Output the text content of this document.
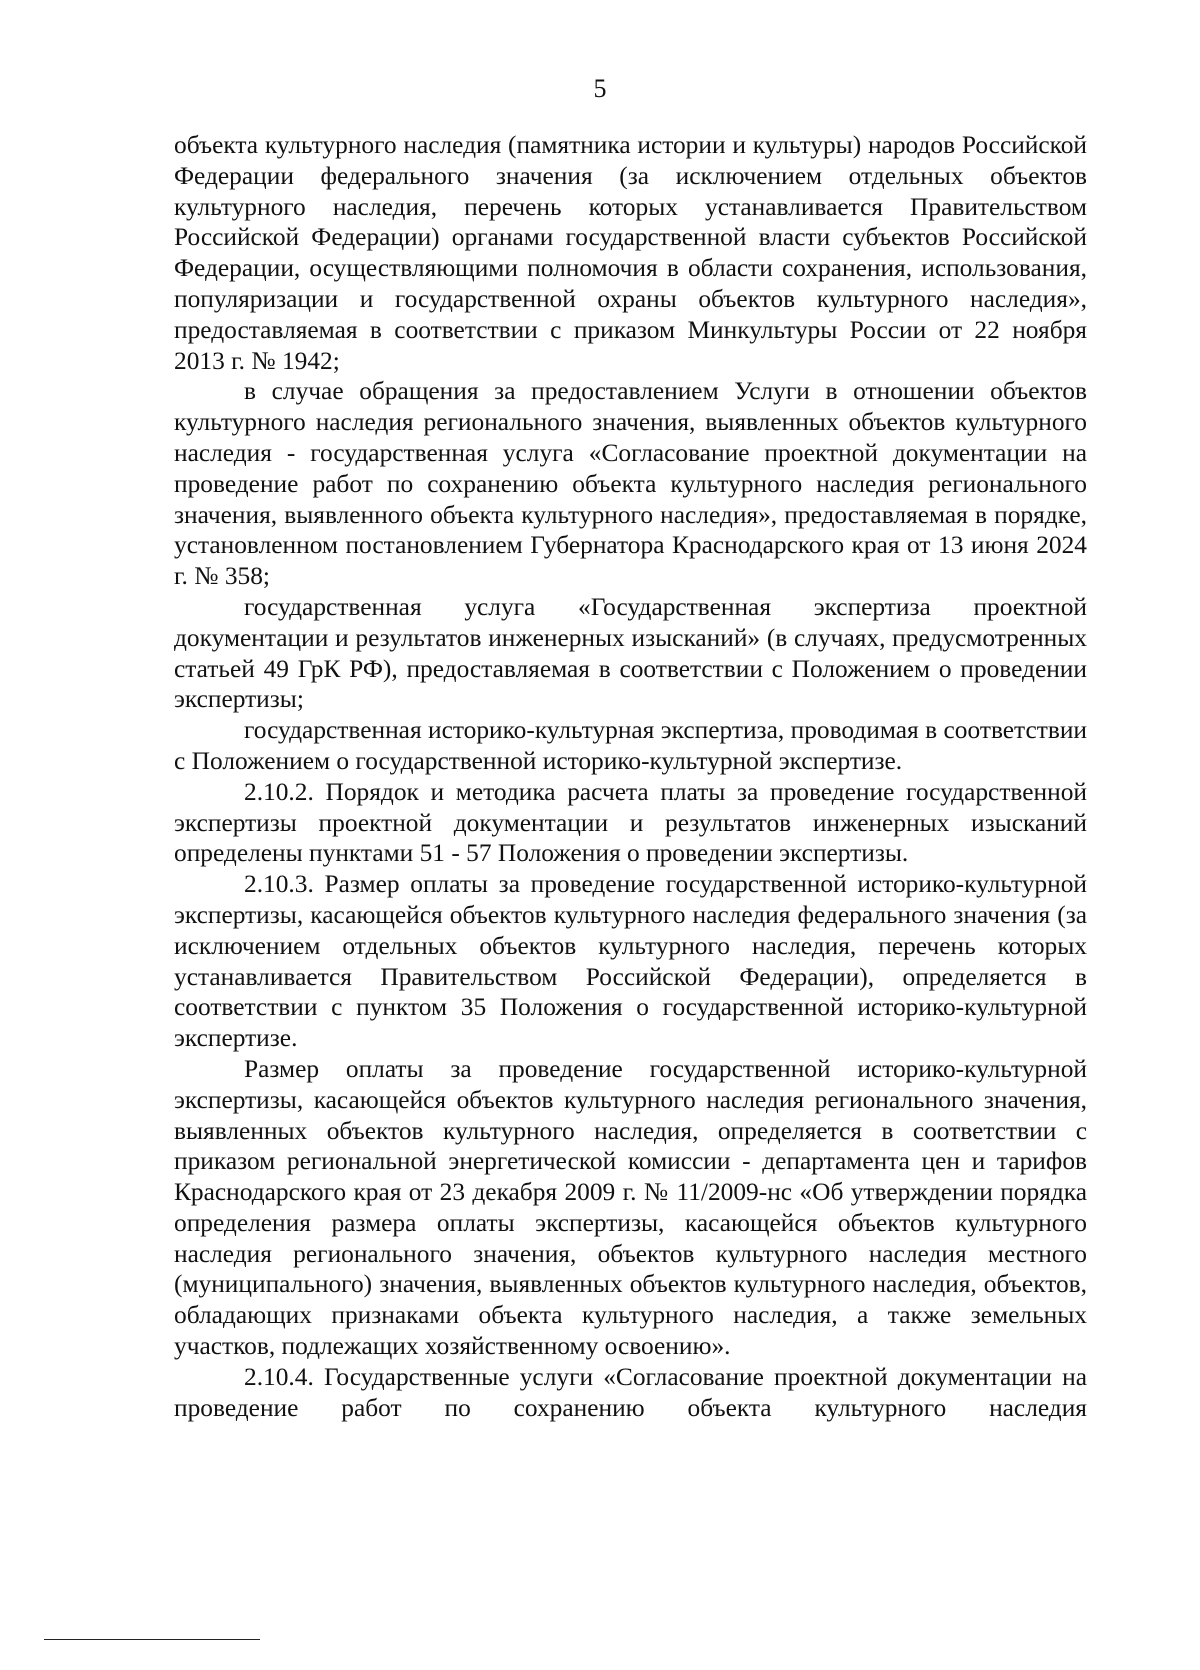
5

объекта культурного наследия (памятника истории и культуры) народов Российской Федерации федерального значения (за исключением отдельных объектов культурного наследия, перечень которых устанавливается Правительством Российской Федерации) органами государственной власти субъектов Российской Федерации, осуществляющими полномочия в области сохранения, использования, популяризации и государственной охраны объектов культурного наследия», предоставляемая в соответствии с приказом Минкультуры России от 22 ноября 2013 г. № 1942;

в случае обращения за предоставлением Услуги в отношении объектов культурного наследия регионального значения, выявленных объектов культурного наследия - государственная услуга «Согласование проектной документации на проведение работ по сохранению объекта культурного наследия регионального значения, выявленного объекта культурного наследия», предоставляемая в порядке, установленном постановлением Губернатора Краснодарского края от 13 июня 2024 г. № 358;

государственная услуга «Государственная экспертиза проектной документации и результатов инженерных изысканий» (в случаях, предусмотренных статьей 49 ГрК РФ), предоставляемая в соответствии с Положением о проведении экспертизы;

государственная историко-культурная экспертиза, проводимая в соответствии с Положением о государственной историко-культурной экспертизе.

2.10.2. Порядок и методика расчета платы за проведение государственной экспертизы проектной документации и результатов инженерных изысканий определены пунктами 51 - 57 Положения о проведении экспертизы.

2.10.3. Размер оплаты за проведение государственной историко-культурной экспертизы, касающейся объектов культурного наследия федерального значения (за исключением отдельных объектов культурного наследия, перечень которых устанавливается Правительством Российской Федерации), определяется в соответствии с пунктом 35 Положения о государственной историко-культурной экспертизе.

Размер оплаты за проведение государственной историко-культурной экспертизы, касающейся объектов культурного наследия регионального значения, выявленных объектов культурного наследия, определяется в соответствии с приказом региональной энергетической комиссии - департамента цен и тарифов Краснодарского края от 23 декабря 2009 г. № 11/2009-нс «Об утверждении порядка определения размера оплаты экспертизы, касающейся объектов культурного наследия регионального значения, объектов культурного наследия местного (муниципального) значения, выявленных объектов культурного наследия, объектов, обладающих признаками объекта культурного наследия, а также земельных участков, подлежащих хозяйственному освоению».

2.10.4. Государственные услуги «Согласование проектной документации на проведение работ по сохранению объекта культурного наследия
